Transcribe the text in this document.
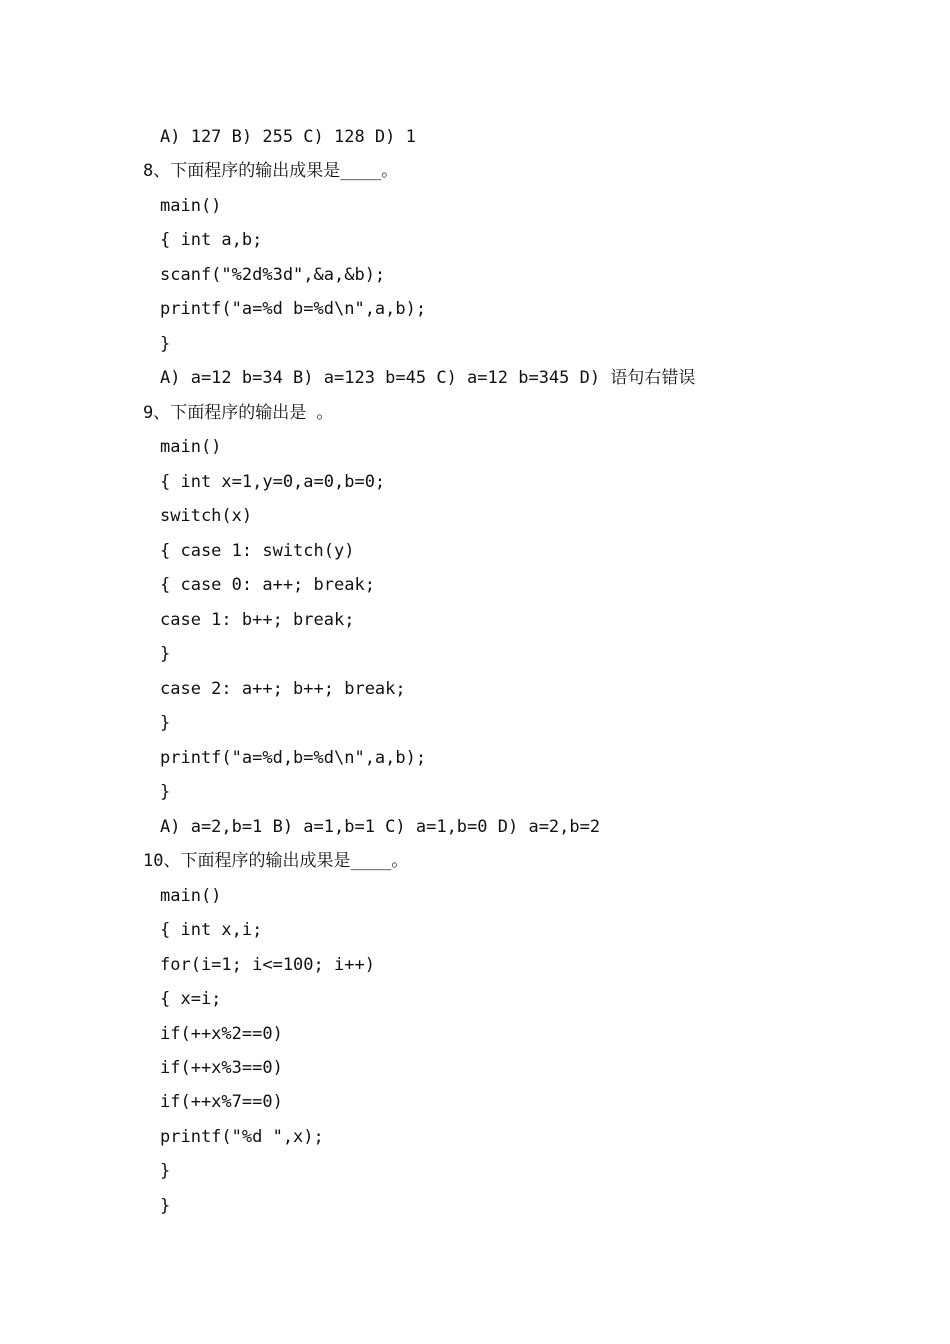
A) 127 B) 255 C) 128 D) 1
8、下面程序的输出成果是____。
main()
{ int a,b;
scanf("%2d%3d",&a,&b);
printf("a=%d b=%d\n",a,b);
}
A) a=12 b=34 B) a=123 b=45 C) a=12 b=345 D) 语句右错误
9、下面程序的输出是 。
main()
{ int x=1,y=0,a=0,b=0;
switch(x)
{ case 1: switch(y)
{ case 0: a++; break;
case 1: b++; break;
}
case 2: a++; b++; break;
}
printf("a=%d,b=%d\n",a,b);
}
A) a=2,b=1 B) a=1,b=1 C) a=1,b=0 D) a=2,b=2
10、下面程序的输出成果是____。
main()
{ int x,i;
for(i=1; i<=100; i++)
{ x=i;
if(++x%2==0)
if(++x%3==0)
if(++x%7==0)
printf("%d ",x);
}
}
